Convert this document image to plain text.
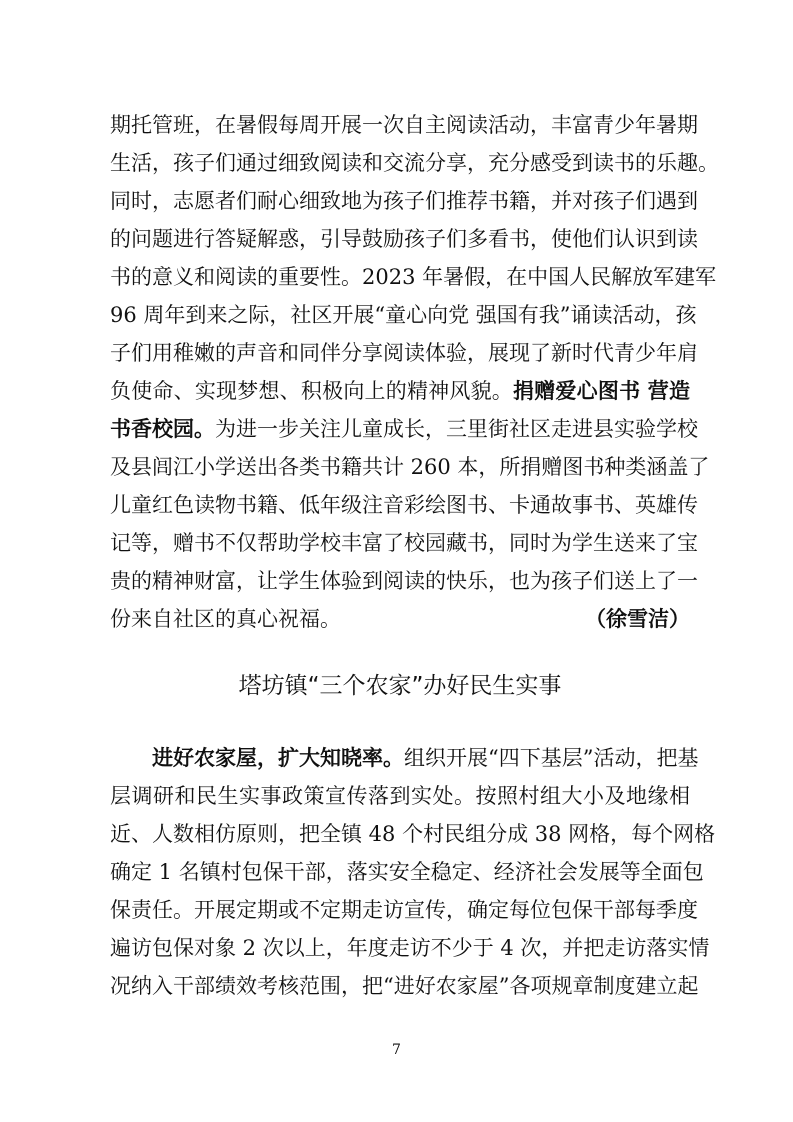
期托管班，在暑假每周开展一次自主阅读活动，丰富青少年暑期
生活，孩子们通过细致阅读和交流分享，充分感受到读书的乐趣。
同时，志愿者们耐心细致地为孩子们推荐书籍，并对孩子们遇到
的问题进行答疑解惑，引导鼓励孩子们多看书，使他们认识到读
书的意义和阅读的重要性。2023 年暑假，在中国人民解放军建军
96 周年到来之际，社区开展“童心向党 强国有我”诵读活动，孩
子们用稚嫩的声音和同伴分享阅读体验，展现了新时代青少年肩
负使命、实现梦想、积极向上的精神风貌。捐赠爱心图书 营造
书香校园。为进一步关注儿童成长，三里街社区走进县实验学校
及县闾江小学送出各类书籍共计 260 本，所捐赠图书种类涵盖了
儿童红色读物书籍、低年级注音彩绘图书、卡通故事书、英雄传
记等，赠书不仅帮助学校丰富了校园藏书，同时为学生送来了宝
贵的精神财富，让学生体验到阅读的快乐，也为孩子们送上了一
份来自社区的真心祝福。	（徐雪洁）
塔坊镇“三个农家”办好民生实事
进好农家屋，扩大知晓率。组织开展“四下基层”活动，把基
层调研和民生实事政策宣传落到实处。按照村组大小及地缘相
近、人数相仿原则，把全镇 48 个村民组分成 38 网格，每个网格
确定 1 名镇村包保干部，落实安全稳定、经济社会发展等全面包
保责任。开展定期或不定期走访宣传，确定每位包保干部每季度
遍访包保对象 2 次以上，年度走访不少于 4 次，并把走访落实情
况纳入干部绩效考核范围，把“进好农家屋”各项规章制度建立起
7
